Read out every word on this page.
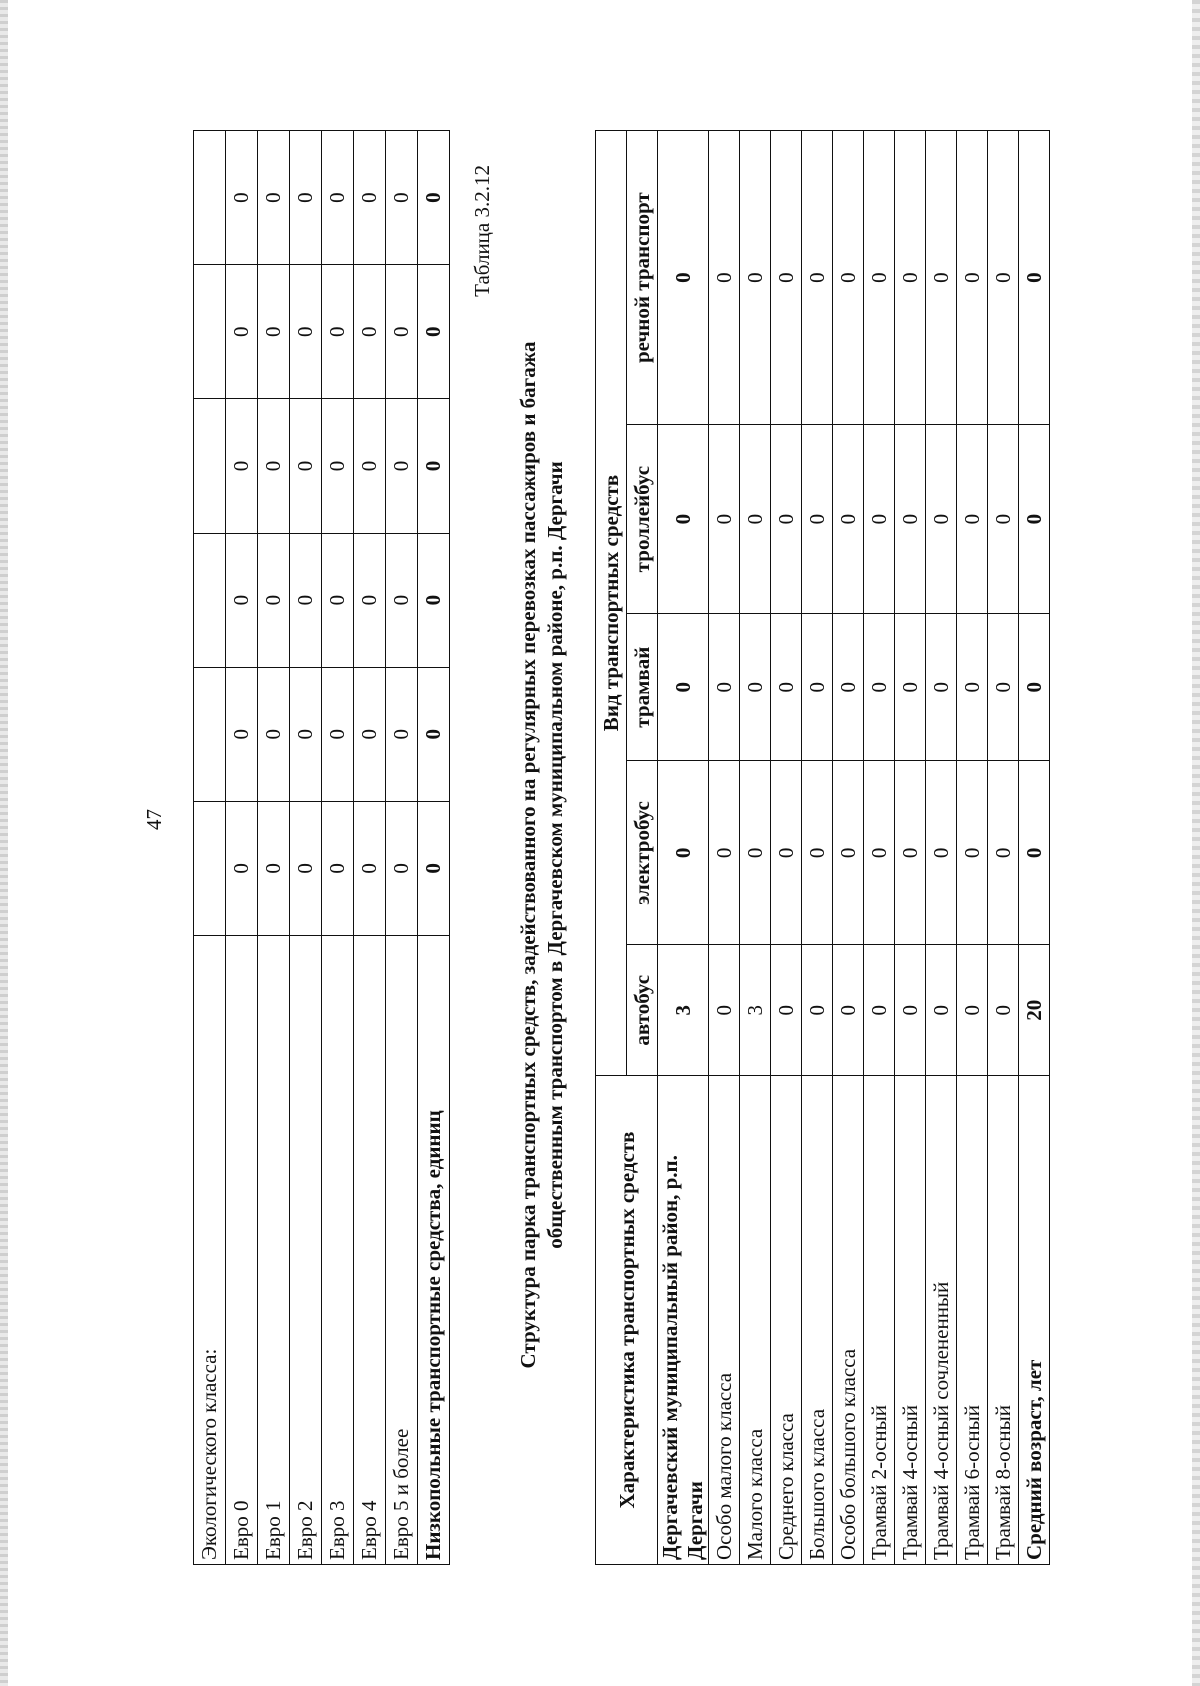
47
Экологического класса:						
Евро 0	0	0	0	0	0	0
Евро 1	0	0	0	0	0	0
Евро 2	0	0	0	0	0	0
Евро 3	0	0	0	0	0	0
Евро 4	0	0	0	0	0	0
Евро 5 и более	0	0	0	0	0	0
Низкопольные транспортные средства, единиц	0	0	0	0	0	0 Таблица 3.2.12
Структура парка транспортных средств, задействованного на регулярных перевозках пассажиров и багажа общественным транспортом в Дергачевском муниципальном районе, р.п. Дергачи
Характеристика транспортных средств	Вид транспортных средств				
	автобус	электробус	трамвай	троллейбус	речной транспорт
Дергачевский муниципальный район, р.п. Дергачи	3	0	0	0	0
Особо малого класса	0	0	0	0	0
Малого класса	3	0	0	0	0
Среднего класса	0	0	0	0	0
Большого класса	0	0	0	0	0
Особо большого класса	0	0	0	0	0
Трамвай 2-осный	0	0	0	0	0
Трамвай 4-осный	0	0	0	0	0
Трамвай 4-осный сочлененный	0	0	0	0	0
Трамвай 6-осный	0	0	0	0	0
Трамвай 8-осный	0	0	0	0	0
Средний возраст, лет	20	0	0	0	0
